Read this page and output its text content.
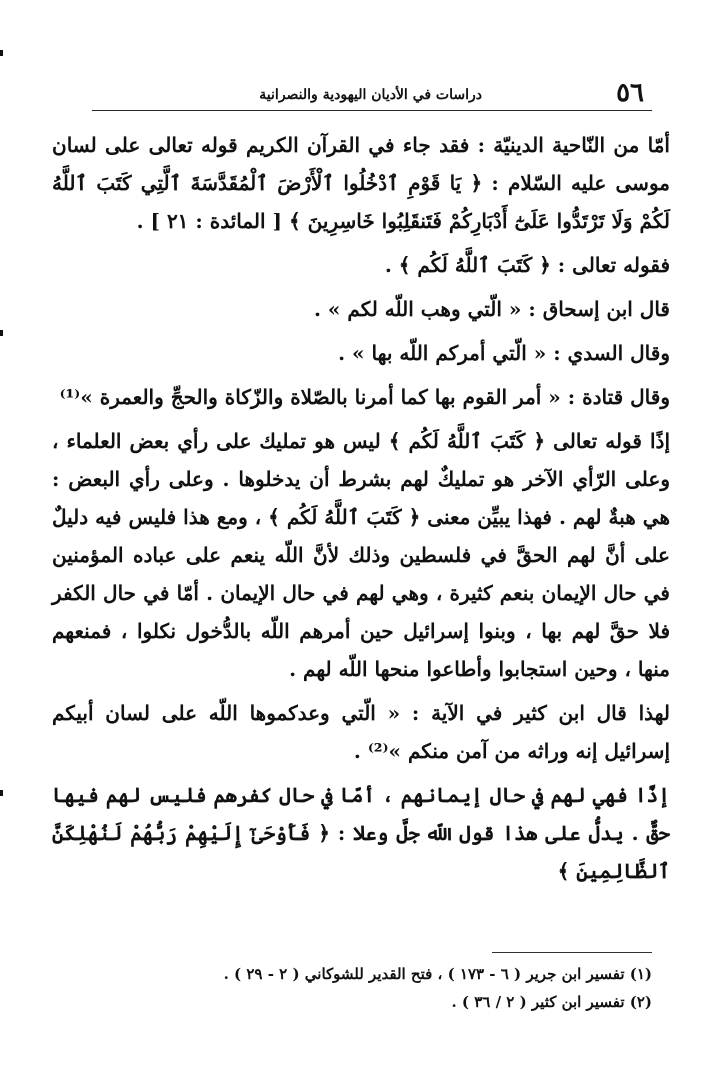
٥٦
دراسات في الأديان اليهودية والنصرانية

أمّا من النّاحية الدينيّة : فقد جاء في القرآن الكريم قوله تعالى على لسان موسى عليه السّلام : ﴿ يَا قَوْمِ ٱدْخُلُوا ٱلْأَرْضَ ٱلْمُقَدَّسَةَ ٱلَّتِي كَتَبَ ٱللَّهُ لَكُمْ وَلَا تَرْتَدُّوا عَلَىٰٓ أَدْبَارِكُمْ فَتَنقَلِبُوا خَاسِرِينَ ﴾ [ المائدة : ٢١ ] .

فقوله تعالى : ﴿ كَتَبَ ٱللَّهُ لَكُم ﴾ .

قال ابن إسحاق : « الّتي وهب اللّه لكم » .

وقال السدي : « الّتي أمركم اللّه بها » .

وقال قتادة : « أمر القوم بها كما أمرنا بالصّلاة والزّكاة والحجِّ والعمرة »⁽¹⁾

إذًا قوله تعالى ﴿ كَتَبَ ٱللَّهُ لَكُم ﴾ ليس هو تمليك على رأي بعض العلماء ، وعلى الرّأي الآخر هو تمليكٌ لهم بشرط أن يدخلوها . وعلى رأي البعض : هي هبةٌ لهم . فهذا يبيِّن معنى ﴿ كَتَبَ ٱللَّهُ لَكُم ﴾ ، ومع هذا فليس فيه دليلٌ على أنَّ لهم الحقَّ في فلسطين وذلك لأنَّ اللّه ينعم على عباده المؤمنين في حال الإيمان بنعم كثيرة ، وهي لهم في حال الإيمان . أمّا في حال الكفر فلا حقَّ لهم بها ، وبنوا إسرائيل حين أمرهم اللّه بالدُّخول نكلوا ، فمنعهم منها ، وحين استجابوا وأطاعوا منحها اللّه لهم .

لهذا قال ابن كثير في الآية : « الّتي وعدكموها اللّه على لسان أبيكم إسرائيل إنه وراثه من آمن منكم »⁽²⁾ .

إذًا فهي لهم في حال إيمانهم ، أمّا في حال كفرهم فليس لهم فيها حقٌّ . يدلُّ على هذا قول اللّه جلَّ وعلا : ﴿ فَأَوْحَىٰٓ إِلَيْهِمْ رَبُّهُمْ لَنُهْلِكَنَّ ٱلظَّالِمِينَ ﴾

(١) تفسير ابن جرير ( ٦ - ١٧٣ ) ، فتح القدير للشوكاني ( ٢ - ٢٩ ) .
(٢) تفسير ابن كثير ( ٢ / ٣٦ ) .
